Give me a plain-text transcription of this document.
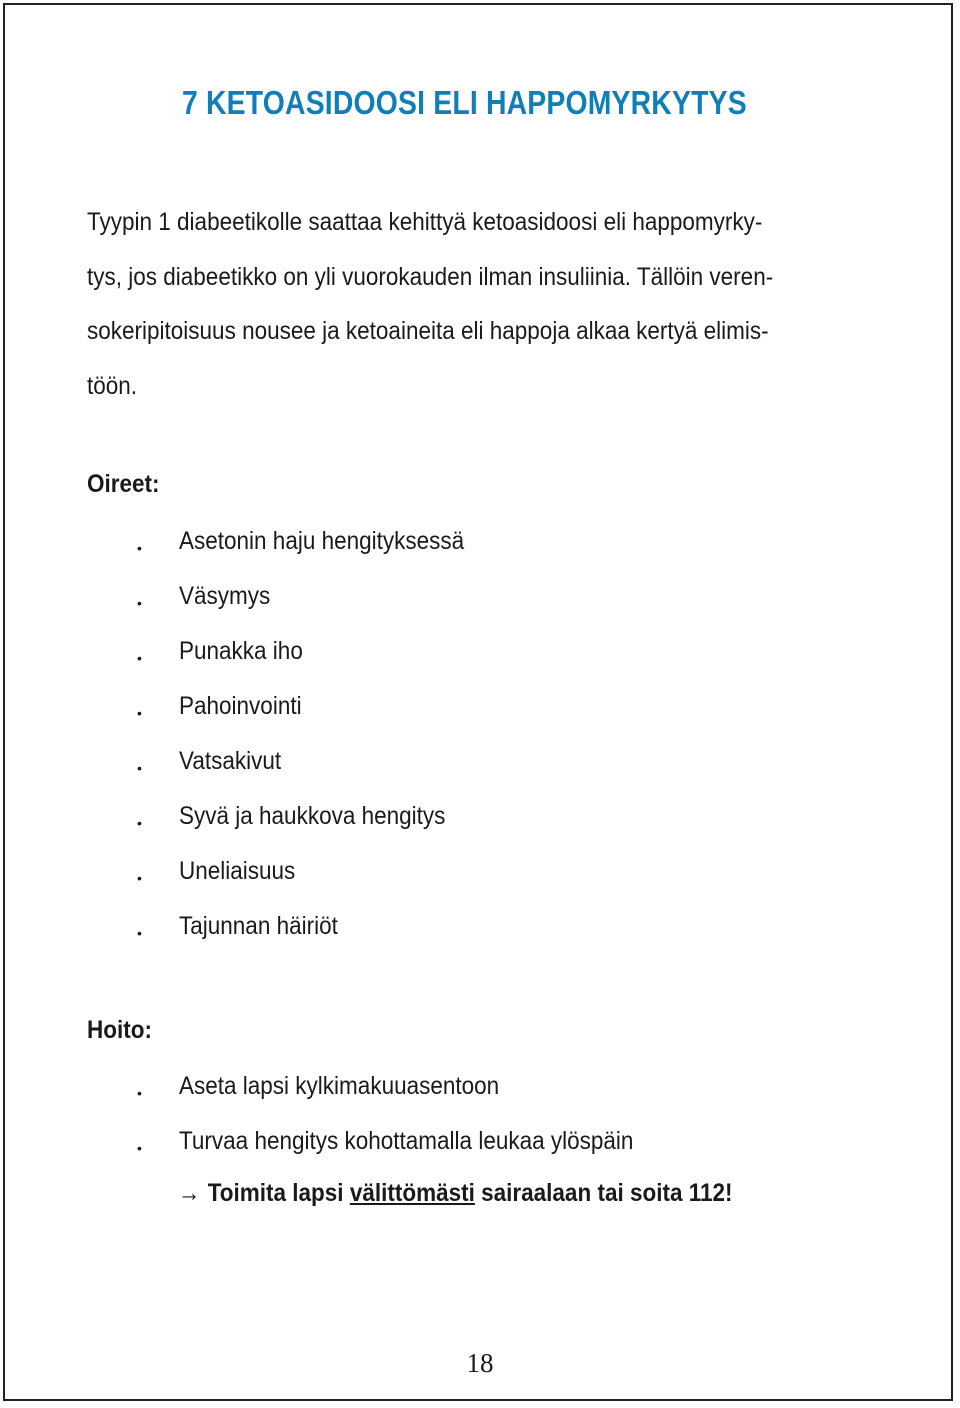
7 KETOASIDOOSI ELI HAPPOMYRKYTYS

Tyypin 1 diabeetikolle saattaa kehittyä ketoasidoosi eli happomyrky-
tys, jos diabeetikko on yli vuorokauden ilman insuliinia. Tällöin veren-
sokeripitoisuus nousee ja ketoaineita eli happoja alkaa kertyä elimis-
töön.

Oireet:
• Asetonin haju hengityksessä
• Väsymys
• Punakka iho
• Pahoinvointi
• Vatsakivut
• Syvä ja haukkova hengitys
• Uneliaisuus
• Tajunnan häiriöt
Hoito:
• Aseta lapsi kylkimakuuasentoon
• Turvaa hengitys kohottamalla leukaa ylöspäin
→ Toimita lapsi välittömästi sairaalaan tai soita 112!
18
